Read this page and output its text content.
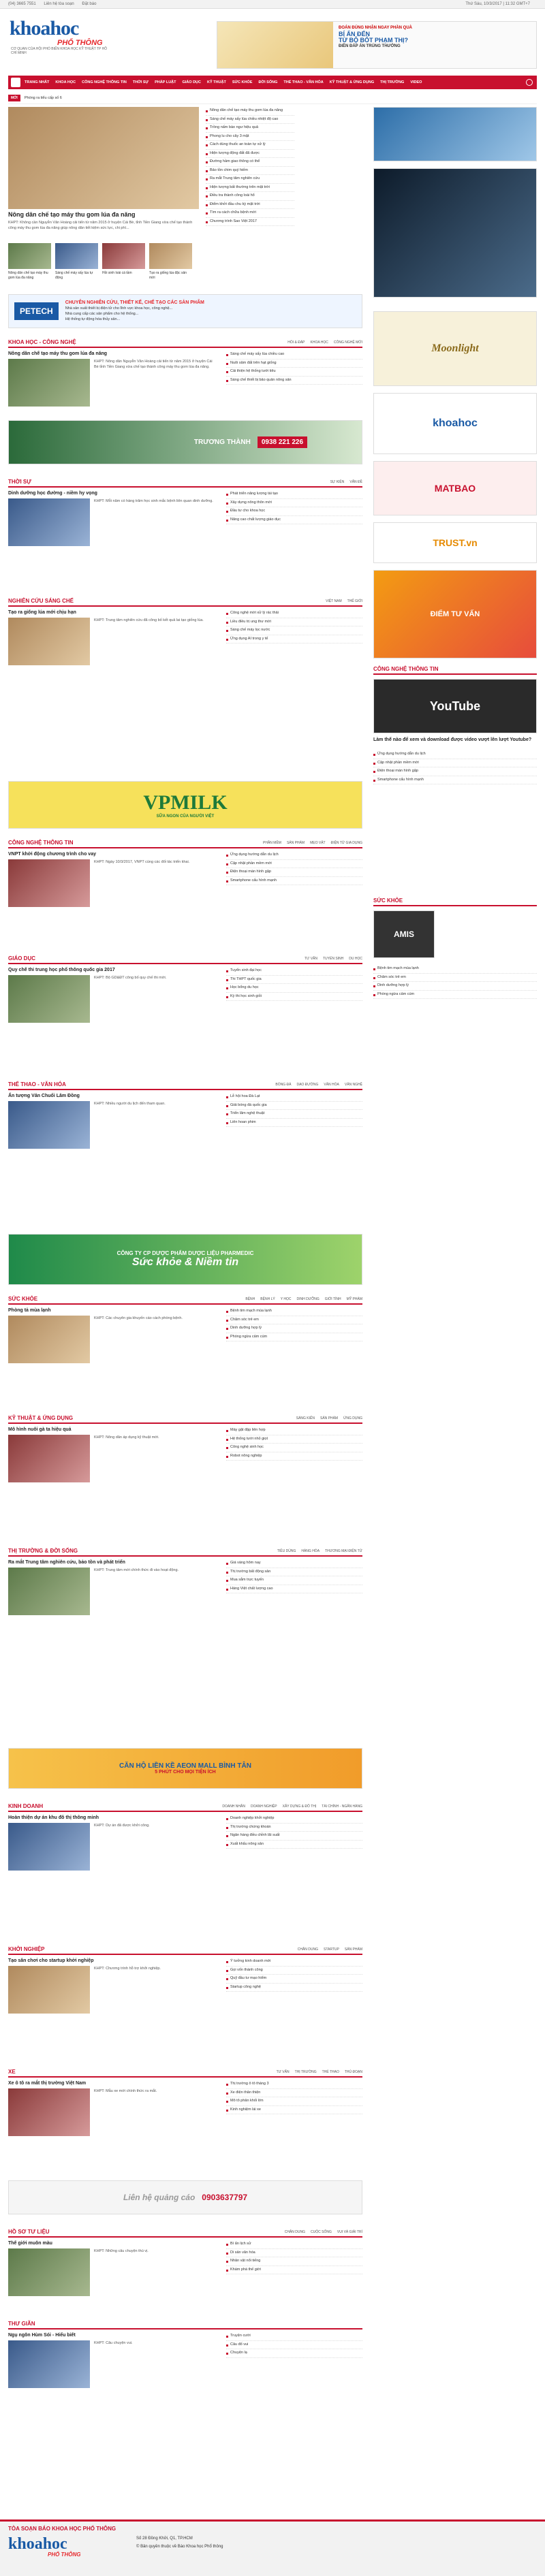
(04) 3665 7551 Liên hệ tòa soạn Đặt báo	Thứ Sáu, 10/3/2017 | 11:32 GMT+7
khoahoc
PHỔ THÔNG
CƠ QUAN CỦA HỘI PHỔ BIẾN KHOA HỌC KỸ THUẬT TP HỒ CHÍ MINH
ĐOÁN ĐÚNG NHẬN NGAY PHẦN QUÀ
BÍ ẨN ĐẾN
TỪ BỘ BỐT PHẠM THỊ?
ĐIỀN ĐÁP ÁN TRÚNG THƯỞNG
TRANG NHẤT KHOA HỌC CÔNG NGHỆ THÔNG TIN THỜI SỰ PHÁP LUẬT GIÁO DỤC KỸ THUẬT SỨC KHỎE ĐỜI SỐNG THỂ THAO - VĂN HÓA KỸ THUẬT & ỨNG DỤNG THỊ TRƯỜNG VIDEO
MỚI	Phóng ra tiểu cấp số 6
Nông dân chế tạo máy thu gom lúa đa năng
KHPT: Không cần Nguyễn Văn Hoàng cải tiến từ năm 2015 ở huyện Cái Bè, tỉnh Tiền Giang vừa chế tạo thành công máy thu gom lúa đa năng giúp nông dân tiết kiệm sức lực, chi phí...
Nông dân chế tạo máy thu gom lúa đa năng
Sáng chế máy sấy lúa tự động
Hồi sinh loài cá tầm	Tạo ra giống lúa đặc sản mới
Nông dân chế tạo máy thu gom lúa đa năng
Sáng chế máy sấy lúa chiều nhiệt độ cao
Trồng nấm bào ngư hiệu quả
Phong lu cho cây 3 mặt
Cách dùng thuốc an toàn tự xử lý
Hiện tượng động đất đã được
Đường hầm giao thông có thể
Bảo tồn chim quý hiếm
Ra mắt Trung tâm nghiên cứu
Hiện tượng bất thường trên mặt trời
Điều tra thành công loài hổ
Điểm khởi đầu chu kỳ mặt trời
Tìm ra cách chữa bệnh mới
Chương trình Sao Việt 2017
PETECH
CHUYÊN NGHIÊN CỨU, THIẾT KẾ, CHẾ TẠO CÁC SẢN PHẨM
Nhà sản xuất thiết bị điện tử cho lĩnh vực khoa học, công nghệ...
Nhà cung cấp các sản phẩm cho hệ thống...
Hệ thống tự động hóa thủy sản...
KHOA HỌC - CÔNG NGHỆ	HỎI & ĐÁP KHOA HỌC CÔNG NGHỆ MỚI
Nông dân chế tạo máy thu gom lúa đa năng
KHPT: Nông dân Nguyễn Văn Hoàng cải tiến từ năm 2015 ở huyện Cái Bè tỉnh Tiền Giang vừa chế tạo thành công máy thu gom lúa đa năng.
Sáng chế máy sấy lúa chiều cao
Nuôi sâm đất trên hạt giống
Cải thiện hệ thống tưới tiêu
Sáng chế thiết bị bảo quản nông sản
THỜI SỰ	SỰ KIỆN VẤN ĐỀ
Dinh dưỡng học đường - niềm hy vọng
KHPT: Mỗi năm có hàng trăm học sinh mắc bệnh liên quan dinh dưỡng.
Phát triển năng lượng tái tạo
Xây dựng nông thôn mới
Đầu tư cho khoa học
Nâng cao chất lượng giáo dục
NGHIÊN CỨU SÁNG CHẾ	VIỆT NAM THẾ GIỚI
Tạo ra giống lúa mới chịu hạn
KHPT: Trung tâm nghiên cứu đã công bố kết quả lai tạo giống lúa.
Công nghệ mới xử lý rác thải
Liều điều trị ung thư mới
Sáng chế máy lọc nước
Ứng dụng AI trong y tế
CÔNG NGHỆ THÔNG TIN	PHẦN MỀM SẢN PHẨM MẸO VẶT ĐIỆN TỬ GIA DỤNG
VNPT khởi động chương trình cho vay
KHPT: Ngày 10/3/2017, VNPT cùng các đối tác triển khai.
Ứng dụng hướng dẫn du lịch
Cập nhật phần mềm mới
Điện thoại màn hình gập
Smartphone cấu hình mạnh
GIÁO DỤC	TƯ VẤN TUYỂN SINH DU HỌC
Quy chế thi trung học phổ thông quốc gia 2017
KHPT: Bộ GD&ĐT công bố quy chế thi mới.
Tuyển sinh đại học
Thi THPT quốc gia
Học bổng du học
Kỳ thi học sinh giỏi
THỂ THAO - VĂN HÓA	BÓNG ĐÁ DẠO ĐƯỜNG VĂN HÓA VĂN NGHỆ
Ấn tượng Văn Chuổi Lâm Đồng
KHPT: Nhiều người du lịch đến tham quan.
Lễ hội hoa Đà Lạt
Giải bóng đá quốc gia
Triển lãm nghệ thuật
Liên hoan phim
SỨC KHỎE	BỆNH BỆNH LÝ Y HỌC DINH DƯỠNG GIỚI TÍNH MỸ PHẨM
Phòng tả mùa lạnh
KHPT: Các chuyên gia khuyến cáo cách phòng bệnh.
Bệnh tim mạch mùa lạnh
Chăm sóc trẻ em
Dinh dưỡng hợp lý
Phòng ngừa cảm cúm
KỸ THUẬT & ỨNG DỤNG	SÁNG KIẾN SẢN PHẨM ỨNG DỤNG
Mô hình nuôi gà ta hiệu quả
KHPT: Nông dân áp dụng kỹ thuật mới.
Máy gặt đập liên hợp
Hệ thống tưới nhỏ giọt
Công nghệ sinh học
Robot nông nghiệp
THỊ TRƯỜNG & ĐỜI SỐNG	TIÊU DÙNG HÀNG HÓA THƯƠNG MẠI ĐIỆN TỬ
Ra mắt Trung tâm nghiên cứu, bảo tồn và phát triển
KHPT: Trung tâm mới chính thức đi vào hoạt động.
Giá vàng hôm nay
Thị trường bất động sản
Mua sắm trực tuyến
Hàng Việt chất lượng cao
KINH DOANH	DOANH NHÂN DOANH NGHIỆP XÂY DỰNG & ĐÔ THỊ TÀI CHÍNH - NGÂN HÀNG
Hoàn thiện dự án khu đô thị thông minh
KHPT: Dự án đã được khởi công.
Doanh nghiệp khởi nghiệp
Thị trường chứng khoán
Ngân hàng điều chỉnh lãi suất
Xuất khẩu nông sản
KHỞI NGHIỆP	CHÂN DUNG STARTUP SẢN PHẨM
Tạo sân chơi cho startup khởi nghiệp
KHPT: Chương trình hỗ trợ khởi nghiệp.
Ý tưởng kinh doanh mới
Gọi vốn thành công
Quỹ đầu tư mạo hiểm
Startup công nghệ
XE	TƯ VẤN THỊ TRƯỜNG THỂ THAO THỦ ĐOẠN
Xe ô tô ra mắt thị trường Việt Nam
KHPT: Mẫu xe mới chính thức ra mắt.
Thị trường ô tô tháng 3
Xe điện thân thiện
Mô tô phân khối lớn
Kinh nghiệm lái xe
HỒ SƠ TƯ LIỆU	CHÂN DUNG CUỘC SỐNG VUI VÀ GIẢI TRÍ
Thế giới muôn màu
KHPT: Những câu chuyện thú vị.
Bí ẩn lịch sử
Di sản văn hóa
Nhân vật nổi tiếng
Khám phá thế giới
THƯ GIÃN
Ngụ ngôn Hùm Sói - Hiểu biết
KHPT: Câu chuyện vui.
Truyện cười
Câu đố vui
Chuyện lạ
TRƯƠNG THÀNH	0938 221 226
VPMILK
SỮA NGON CỦA NGƯỜI VIỆT
CÔNG TY CP DƯỢC PHẨM DƯỢC LIỆU PHARMEDIC
Sức khỏe & Niềm tin
CĂN HỘ LIỀN KỀ AEON MALL BÌNH TÂN
5 PHÚT CHO MỌI TIỆN ÍCH
Liên hệ quảng cáo 0903637797
Moonlight
khoahoc
MATBAO
TRUST.vn
ĐIỂM TƯ VẤN
CÔNG NGHỆ THÔNG TIN
YouTube
Làm thế nào để xem và download được video vượt lên lượt Youtube?
Ứng dụng hướng dẫn du lịch
Cập nhật phần mềm mới
Điện thoại màn hình gập
Smartphone cấu hình mạnh
SỨC KHỎE
AMIS
Bệnh tim mạch mùa lạnh
Chăm sóc trẻ em
Dinh dưỡng hợp lý
Phòng ngừa cảm cúm
TÒA SOẠN BÁO KHOA HỌC PHỔ THÔNG
khoahoc
PHỔ THÔNG
Số 28 Đồng Khởi, Q1, TP.HCM
© Bản quyền thuộc về Báo Khoa học Phổ thông
